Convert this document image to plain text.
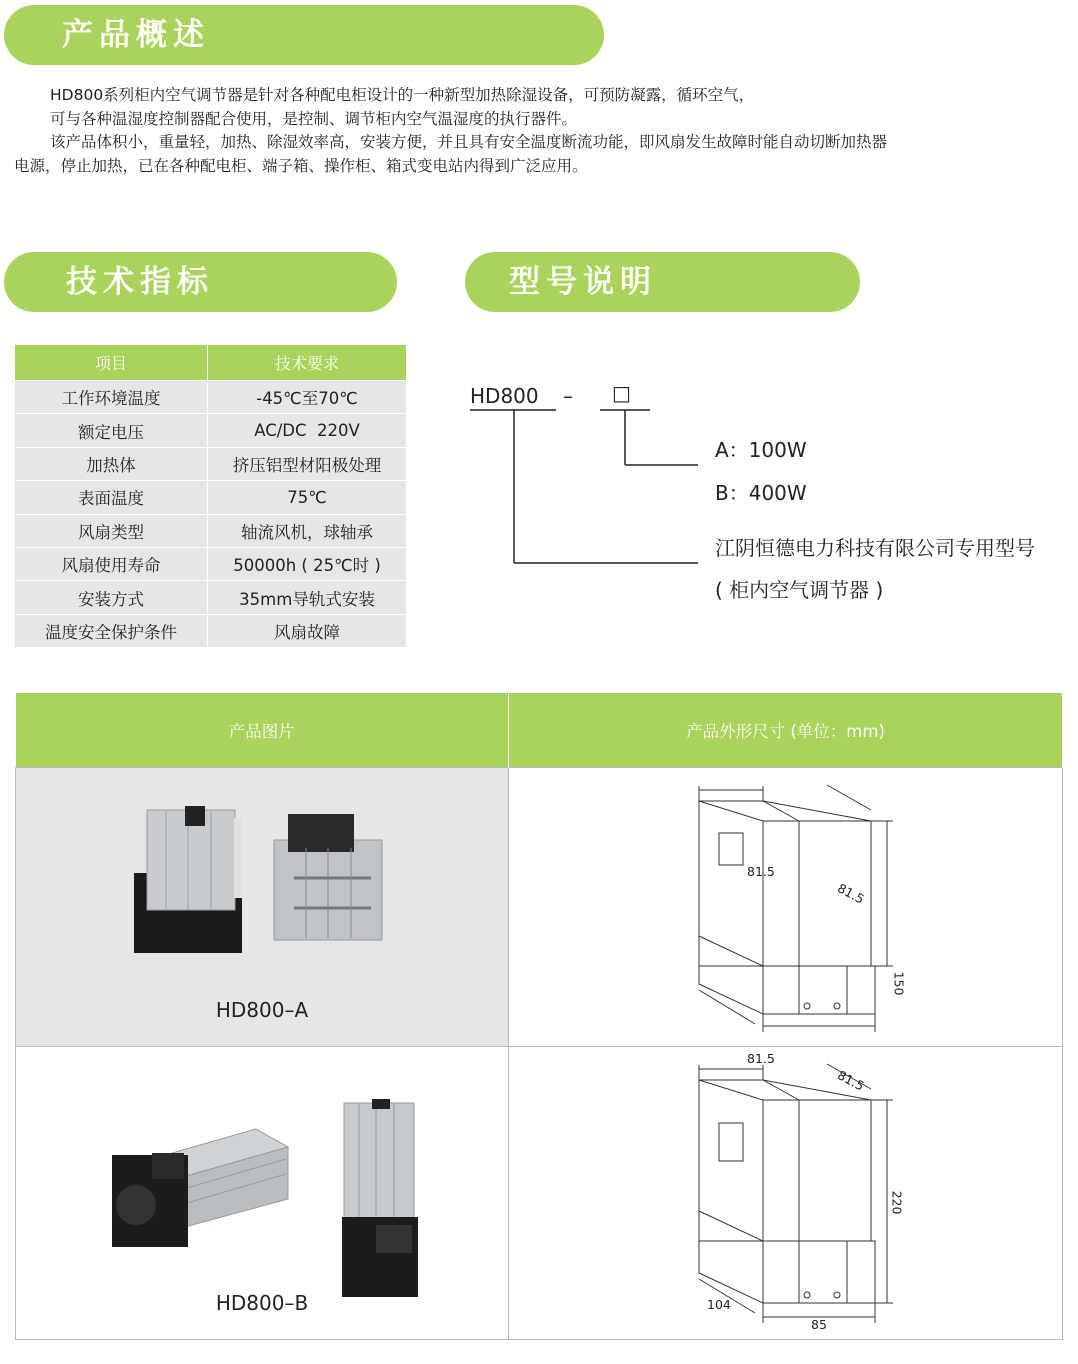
产品概述
技术指标	型号说明

HD800系列柜内空气调节器是针对各种配电柜设计的一种新型加热除湿设备，可预防凝露，循环空气，

可与各种温湿度控制器配合使用，是控制、调节柜内空气温湿度的执行器件。

该产品体积小，重量轻，加热、除湿效率高，安装方便，并且具有安全温度断流功能，即风扇发生故障时能自动切断加热器

电源，停止加热，已在各种配电柜、端子箱、操作柜、箱式变电站内得到广泛应用。

项目	技术要求
工作环境温度	-45℃至70℃
额定电压	AC/DC  220V
加热体	挤压铝型材阳极处理
表面温度	75℃
风扇类型	轴流风机，球轴承
风扇使用寿命	50000h ( 25℃时 )
安装方式	35mm导轨式安装
温度安全保护条件	风扇故障
HD800 – □
A：100W
B：400W
江阴恒德电力科技有限公司专用型号
( 柜内空气调节器 )
产品图片	产品外形尺寸 (单位：mm)

HD800–A	81.5
81.5
150

HD800–B	81.5
81.5
220
104
85
